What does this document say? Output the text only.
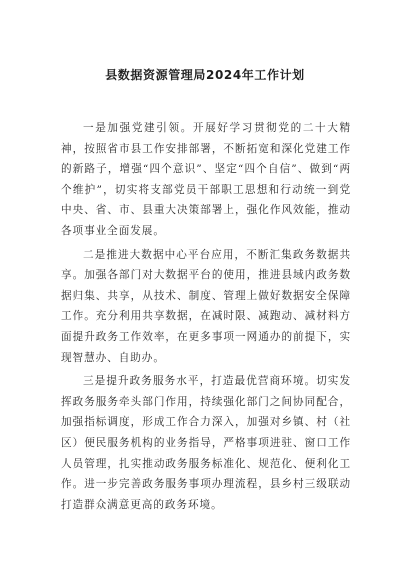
县数据资源管理局2024年工作计划

一是加强党建引领。开展好学习贯彻党的二十大精神，按照省市县工作安排部署，不断拓宽和深化党建工作的新路子，增强“四个意识”、坚定“四个自信”、做到“两个维护”，切实将支部党员干部职工思想和行动统一到党中央、省、市、县重大决策部署上，强化作风效能，推动各项事业全面发展。

二是推进大数据中心平台应用，不断汇集政务数据共享。加强各部门对大数据平台的使用，推进县域内政务数据归集、共享，从技术、制度、管理上做好数据安全保障工作。充分利用共享数据，在减时限、减跑动、减材料方面提升政务工作效率，在更多事项一网通办的前提下，实现智慧办、自助办。

三是提升政务服务水平，打造最优营商环境。切实发挥政务服务牵头部门作用，持续强化部门之间协同配合，加强指标调度，形成工作合力深入，加强对乡镇、村（社区）便民服务机构的业务指导，严格事项进驻、窗口工作人员管理，扎实推动政务服务标准化、规范化、便利化工作。进一步完善政务服务事项办理流程，县乡村三级联动打造群众满意更高的政务环境。
